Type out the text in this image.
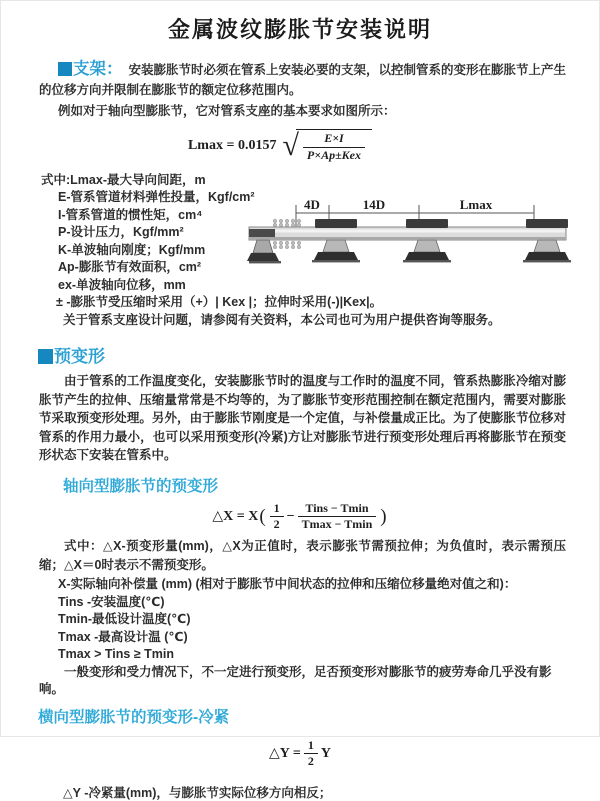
金属波纹膨胀节安装说明

支架： 安装膨胀节时必须在管系上安装必要的支架，以控制管系的变形在膨胀节上产生的位移方向并限制在膨胀节的额定位移范围内。

例如对于轴向型膨胀节，它对管系支座的基本要求如图所示：

Lmax = 0.0157 √ $\frac{E\times I}{\text{P×Ap±Kex}}$

式中:Lmax-最大导向间距，m

E-管系管道材料弹性投量，Kgf/cm²

I-管系管道的惯性矩，cm⁴

P-设计压力，Kgf/mm²

K-单波轴向刚度；Kgf/mm

Ap-膨胀节有效面积，cm²

ex-单波轴向位移，mm

± -膨胀节受压缩时采用（+）| Kex |；拉伸时采用(-)|Kex|。

关于管系支座设计问题，请参阅有关资料，本公司也可为用户提供咨询等服务。

4D	14D	Lmax
预变形

由于管系的工作温度变化，安装膨胀节时的温度与工作时的温度不同，管系热膨胀冷缩对膨胀节产生的拉伸、压缩量常常是不均等的，为了膨胀节变形范围控制在额定范围内，需要对膨胀节采取预变形处理。另外，由于膨胀节刚度是一个定值，与补偿量成正比。为了使膨胀节位移对管系的作用力最小，也可以采用预变形(冷紧)方让对膨胀节进行预变形处理后再将膨胀节在预变形状态下安装在管系中。

轴向型膨胀节的预变形
△X = X ( $\frac{1}{2} - \frac{\text{Tins − Tmin}}{Tmax - Tmin}$ )

式中：△X-预变形量(mm)，△X为正值时，表示膨张节需预拉伸；为负值时，表示需预压缩；△X＝0时表示不需预变形。

X-实际轴向补偿量 (mm) (相对于膨胀节中间状态的拉伸和压缩位移量绝对值之和)：

Tins -安装温度(℃)

Tmin-最低设计温度(℃)

Tmax -最高设计温 (℃)

Tmax > Tins ≥ Tmin

一般变形和受力情况下，不一定进行预变形，足否预变形对膨胀节的疲劳寿命几乎没有影响。

横向型膨胀节的预变形-冷紧
△Y = $\frac{1}{2}$ Y

△Y -冷紧量(mm)，与膨胀节实际位移方向相反；
